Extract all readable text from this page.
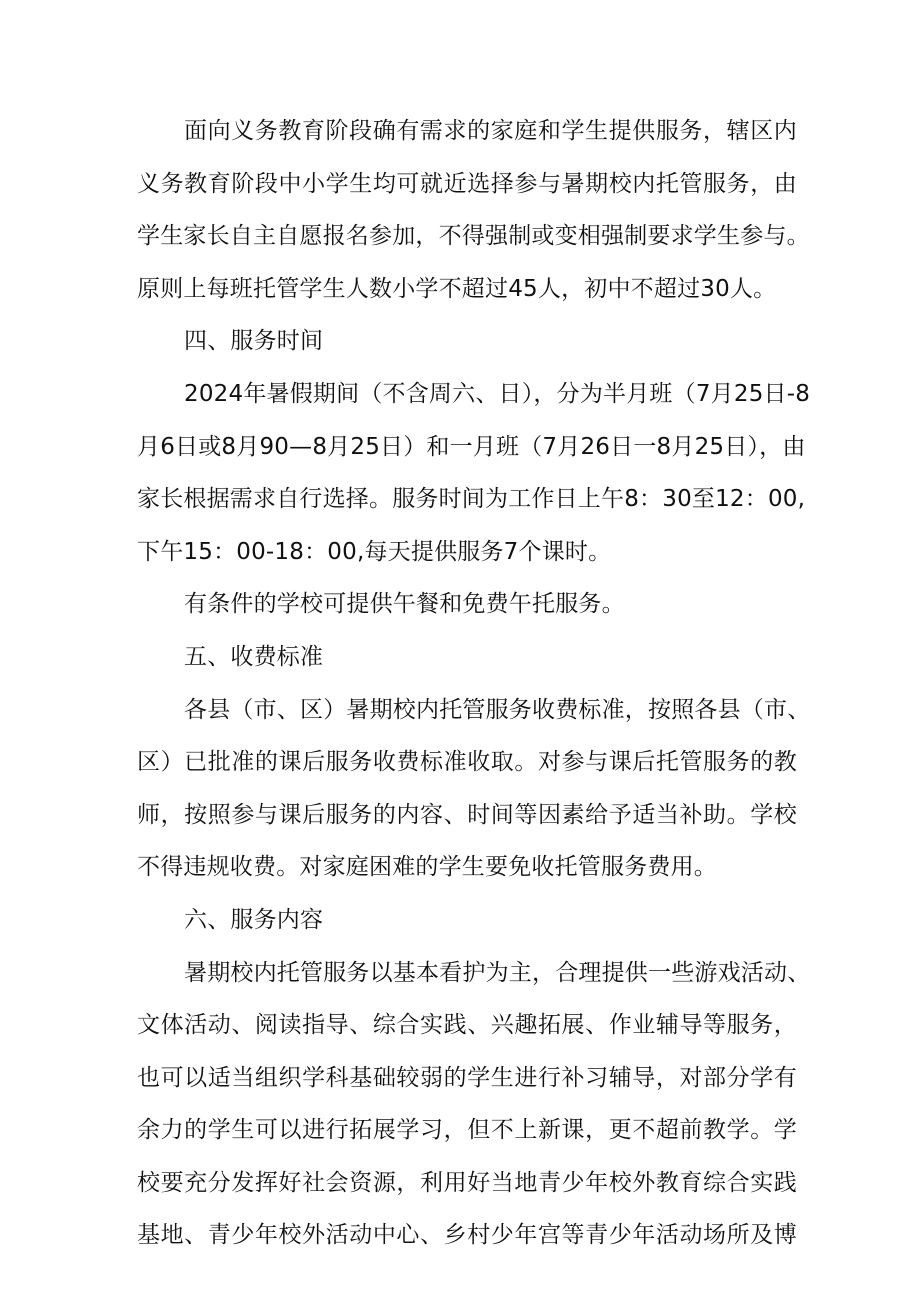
面向义务教育阶段确有需求的家庭和学生提供服务，辖区内
义务教育阶段中小学生均可就近选择参与暑期校内托管服务，由
学生家长自主自愿报名参加，不得强制或变相强制要求学生参与。
原则上每班托管学生人数小学不超过45人，初中不超过30人。
四、服务时间
2024年暑假期间（不含周六、日），分为半月班（7月25日-8
月6日或8月90—8月25日）和一月班（7月26日一8月25日），由
家长根据需求自行选择。服务时间为工作日上午8：30至12：00,
下午15：00-18：00,每天提供服务7个课时。
有条件的学校可提供午餐和免费午托服务。
五、收费标准
各县（市、区）暑期校内托管服务收费标准，按照各县（市、
区）已批准的课后服务收费标准收取。对参与课后托管服务的教
师，按照参与课后服务的内容、时间等因素给予适当补助。学校
不得违规收费。对家庭困难的学生要免收托管服务费用。
六、服务内容
暑期校内托管服务以基本看护为主，合理提供一些游戏活动、
文体活动、阅读指导、综合实践、兴趣拓展、作业辅导等服务，
也可以适当组织学科基础较弱的学生进行补习辅导，对部分学有
余力的学生可以进行拓展学习，但不上新课，更不超前教学。学
校要充分发挥好社会资源，利用好当地青少年校外教育综合实践
基地、青少年校外活动中心、乡村少年宫等青少年活动场所及博
